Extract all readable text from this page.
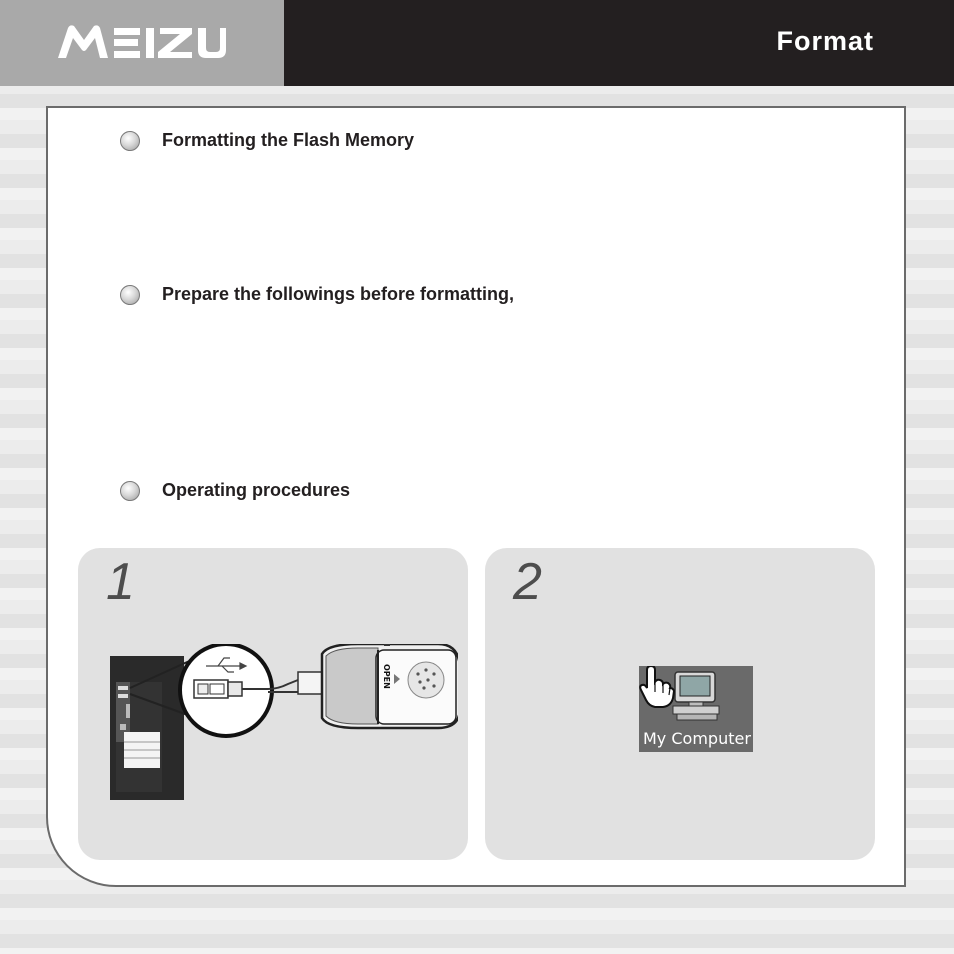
Format
Formatting the Flash Memory
Prepare the followings before formatting,
Operating procedures
1
OPEN
2
My Computer
